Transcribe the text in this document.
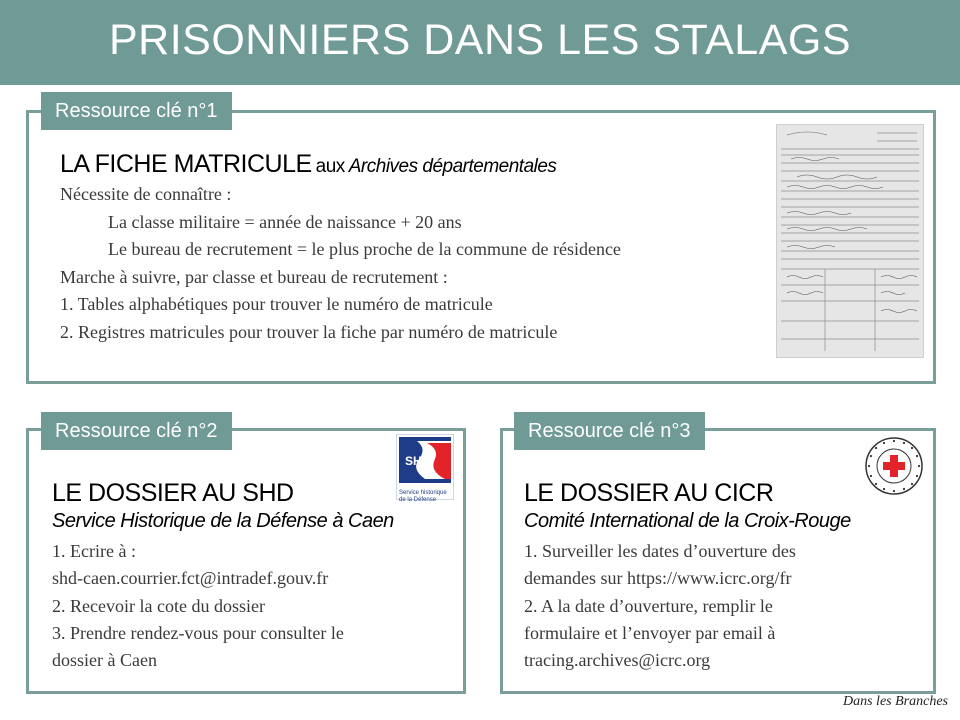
PRISONNIERS DANS LES STALAGS
Ressource clé n°1
LA FICHE MATRICULE aux Archives départementales
Nécessite de connaître :
La classe militaire = année de naissance + 20 ans
Le bureau de recrutement = le plus proche de la commune de résidence
Marche à suivre, par classe et bureau de recrutement :
1. Tables alphabétiques pour trouver le numéro de matricule
2. Registres matricules pour trouver la fiche par numéro de matricule
Ressource clé n°2
SH
Service historique de la Défense
LE DOSSIER AU SHD
Service Historique de la Défense à Caen
1. Ecrire à :
shd-caen.courrier.fct@intradef.gouv.fr
2. Recevoir la cote du dossier
3. Prendre rendez-vous pour consulter le
dossier à Caen
Ressource clé n°3
LE DOSSIER AU CICR
Comité International de la Croix-Rouge
1. Surveiller les dates d’ouverture des
demandes sur https://www.icrc.org/fr
2. A la date d’ouverture, remplir le
formulaire et l’envoyer par email à
tracing.archives@icrc.org
Dans les Branches
